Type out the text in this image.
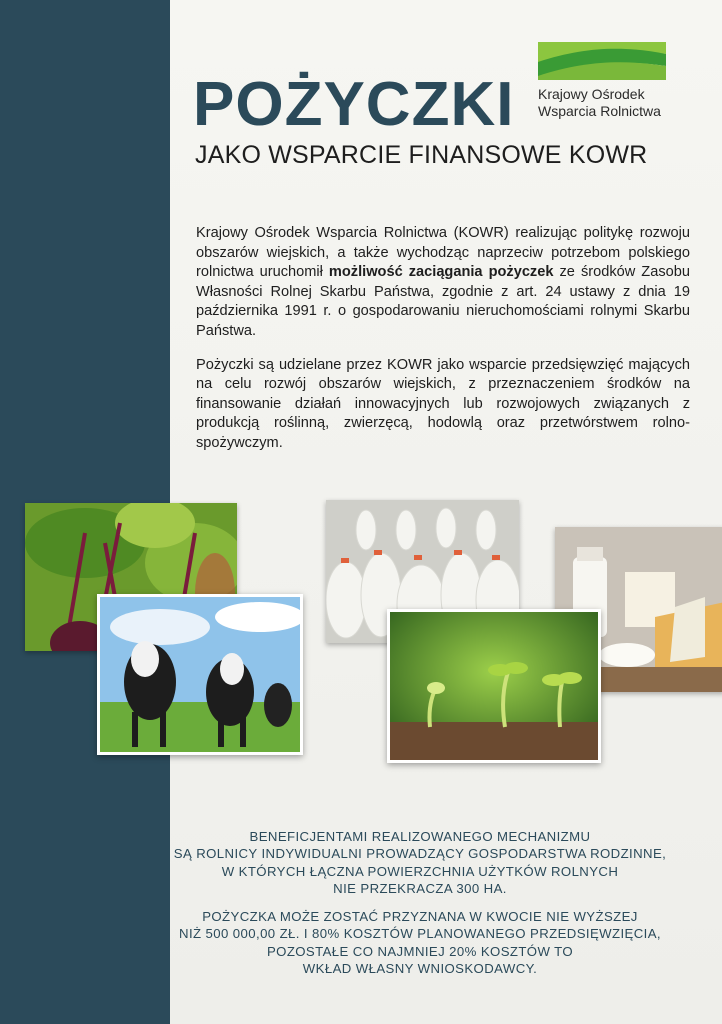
POŻYCZKI
JAKO WSPARCIE FINANSOWE KOWR
Krajowy Ośrodek
Wsparcia Rolnictwa

Krajowy Ośrodek Wsparcia Rolnictwa (KOWR) realizując politykę rozwoju obszarów wiejskich, a także wychodząc naprzeciw potrzebom polskiego rolnictwa uruchomił możliwość zaciągania pożyczek ze środków Zasobu Własności Rolnej Skarbu Państwa, zgodnie z art. 24 ustawy z dnia 19 października 1991 r. o gospodarowaniu nieruchomościami rolnymi Skarbu Państwa.

Pożyczki są udzielane przez KOWR jako wsparcie przedsięwzięć mających na celu rozwój obszarów wiejskich, z przeznaczeniem środków na finansowanie działań innowacyjnych lub rozwojowych związanych z produkcją roślinną, zwierzęcą, hodowlą oraz przetwórstwem rolno-spożywczym.

BENEFICJENTAMI REALIZOWANEGO MECHANIZMU
SĄ ROLNICY INDYWIDUALNI PROWADZĄCY GOSPODARSTWA RODZINNE,
W KTÓRYCH ŁĄCZNA POWIERZCHNIA UŻYTKÓW ROLNYCH
NIE PRZEKRACZA 300 HA.
POŻYCZKA MOŻE ZOSTAĆ PRZYZNANA W KWOCIE NIE WYŻSZEJ
NIŻ 500 000,00 ZŁ. I 80% KOSZTÓW PLANOWANEGO PRZEDSIĘWZIĘCIA,
POZOSTAŁE CO NAJMNIEJ 20% KOSZTÓW TO
WKŁAD WŁASNY WNIOSKODAWCY.
